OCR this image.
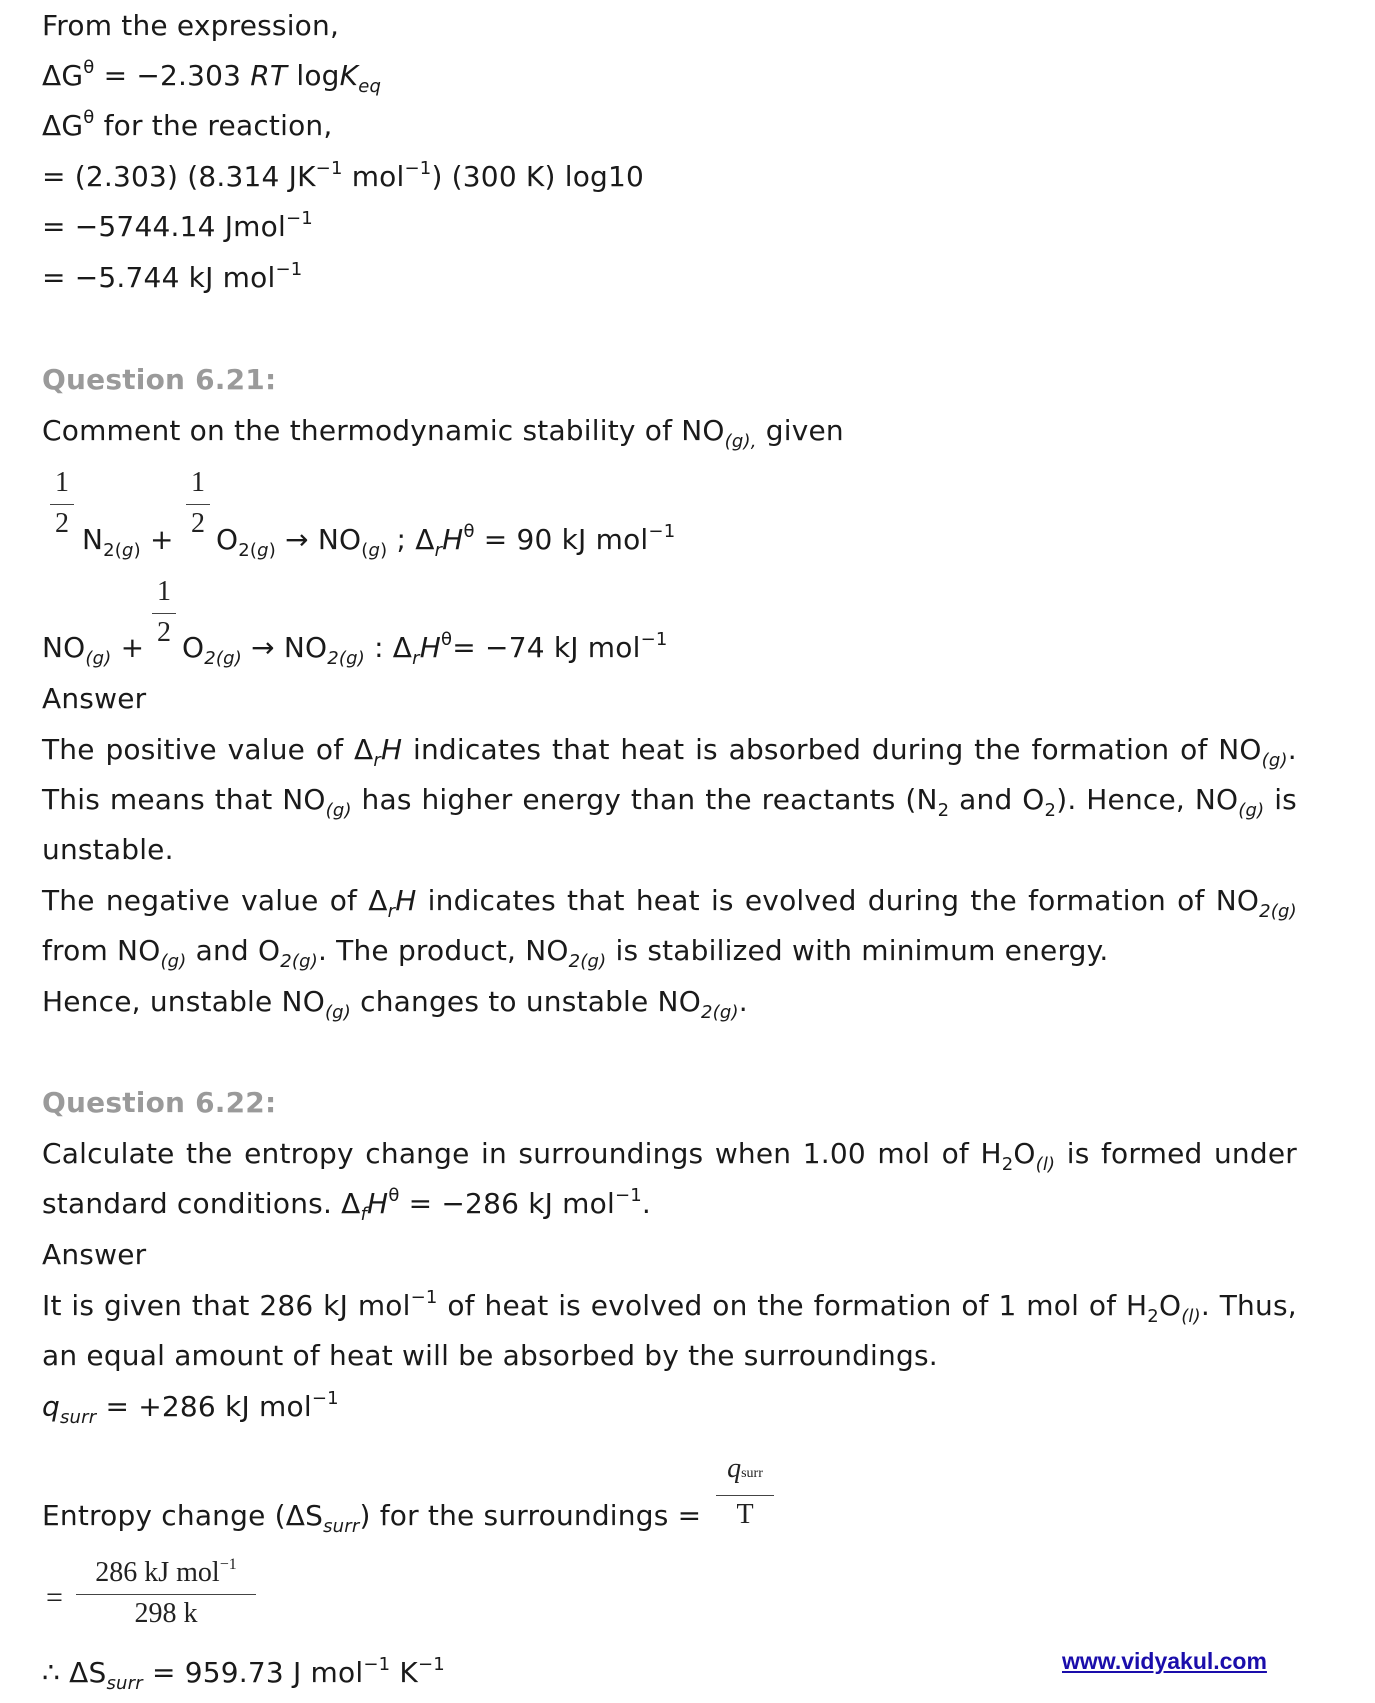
From the expression,
$\Delta G^\theta = -2.303$ RT logK$_{eq}$
$\Delta G^\theta$ for the reaction,
= (2.303) (8.314 $JK^{-1}$ mol$^{-1}$) (300 K) log10
= −5744.14 Jmol$^{-1}$
= −5.744 kJ mol$^{-1}$
Question 6.21:
Comment on the thermodynamic stability of $NO_{(g),}$ given
1
2
1
2
$N_{2(g)} + O_{2(g)} \to NO_{(g)}$ ; $\Delta_rH^\theta = 90$ kJ mol$^{-1}$
1
2
$NO_{(g)} + O_{2(g)} \to NO_{2(g)}$ : $\Delta_rH^\theta= -74$ kJ mol$^{-1}$
Answer
The positive value of $\Delta_rH$ indicates that heat is absorbed during the formation of $NO_{(g)}$.
This means that $NO_{(g)}$ has higher energy than the reactants ($N_2$ and $O_2$). Hence, $NO_{(g)}$ is
unstable.
The negative value of $\Delta_rH$ indicates that heat is evolved during the formation of $NO_{2(g)}$
from $NO_{(g)}$ and $O_{2(g)}$. The product, $NO_{2(g)}$ is stabilized with minimum energy.
Hence, unstable $NO_{(g)}$ changes to unstable $NO_{2(g)}$.
Question 6.22:
Calculate the entropy change in surroundings when 1.00 mol of $H_2O_{(l)}$ is formed under
standard conditions. $\Delta_fH^\theta = -286$ kJ mol$^{-1}$.
Answer
It is given that 286 kJ mol$^{-1}$ of heat is evolved on the formation of 1 mol of $H_2O_{(l)}$. Thus,
an equal amount of heat will be absorbed by the surroundings.
$q_{surr} = +286$ kJ mol$^{-1}$
Entropy change $(\Delta S_{surr})$ for the surroundings =
qsurr
T
=
286 kJ mol$^{-1}$
298 k
∴ $\Delta S_{surr} = 959.73$ J mol$^{-1}$ $K^{-1}$	www.vidyakul.com
